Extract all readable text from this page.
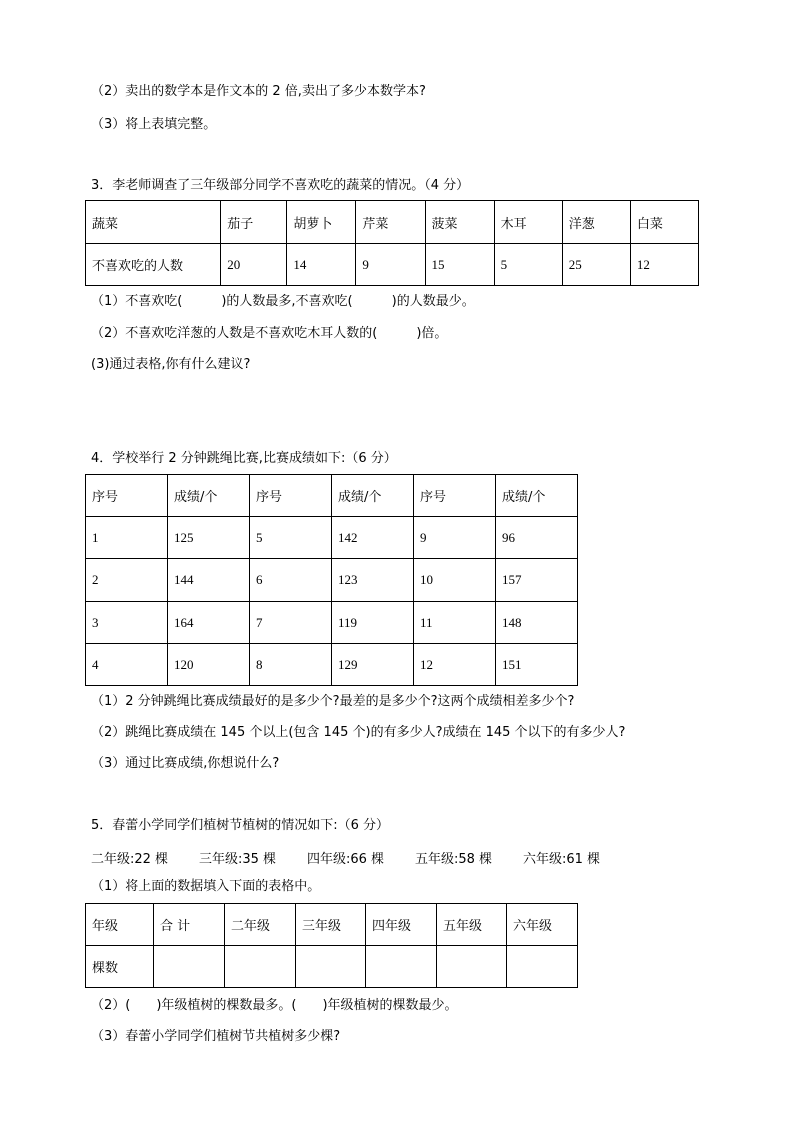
（2）卖出的数学本是作文本的 2 倍,卖出了多少本数学本?
（3）将上表填完整。
3．李老师调查了三年级部分同学不喜欢吃的蔬菜的情况。（4 分）
蔬菜	茄子	胡萝卜	芹菜	菠菜	木耳	洋葱	白菜
不喜欢吃的人数	20	14	9	15	5	25	12
（1）不喜欢吃(　　　)的人数最多,不喜欢吃(　　　)的人数最少。
（2）不喜欢吃洋葱的人数是不喜欢吃木耳人数的(　　　)倍。
(3)通过表格,你有什么建议?
4．学校举行 2 分钟跳绳比赛,比赛成绩如下:（6 分）
序号	成绩/个	序号	成绩/个	序号	成绩/个
1	125	5	142	9	96
2	144	6	123	10	157
3	164	7	119	11	148
4	120	8	129	12	151
（1）2 分钟跳绳比赛成绩最好的是多少个?最差的是多少个?这两个成绩相差多少个?
（2）跳绳比赛成绩在 145 个以上(包含 145 个)的有多少人?成绩在 145 个以下的有多少人?
（3）通过比赛成绩,你想说什么?
5．春蕾小学同学们植树节植树的情况如下:（6 分）
二年级:22 棵 三年级:35 棵 四年级:66 棵 五年级:58 棵 六年级:61 棵
（1）将上面的数据填入下面的表格中。
年级	合 计	二年级	三年级	四年级	五年级	六年级
棵数						
（2）(　　)年级植树的棵数最多。(　　)年级植树的棵数最少。
（3）春蕾小学同学们植树节共植树多少棵?
